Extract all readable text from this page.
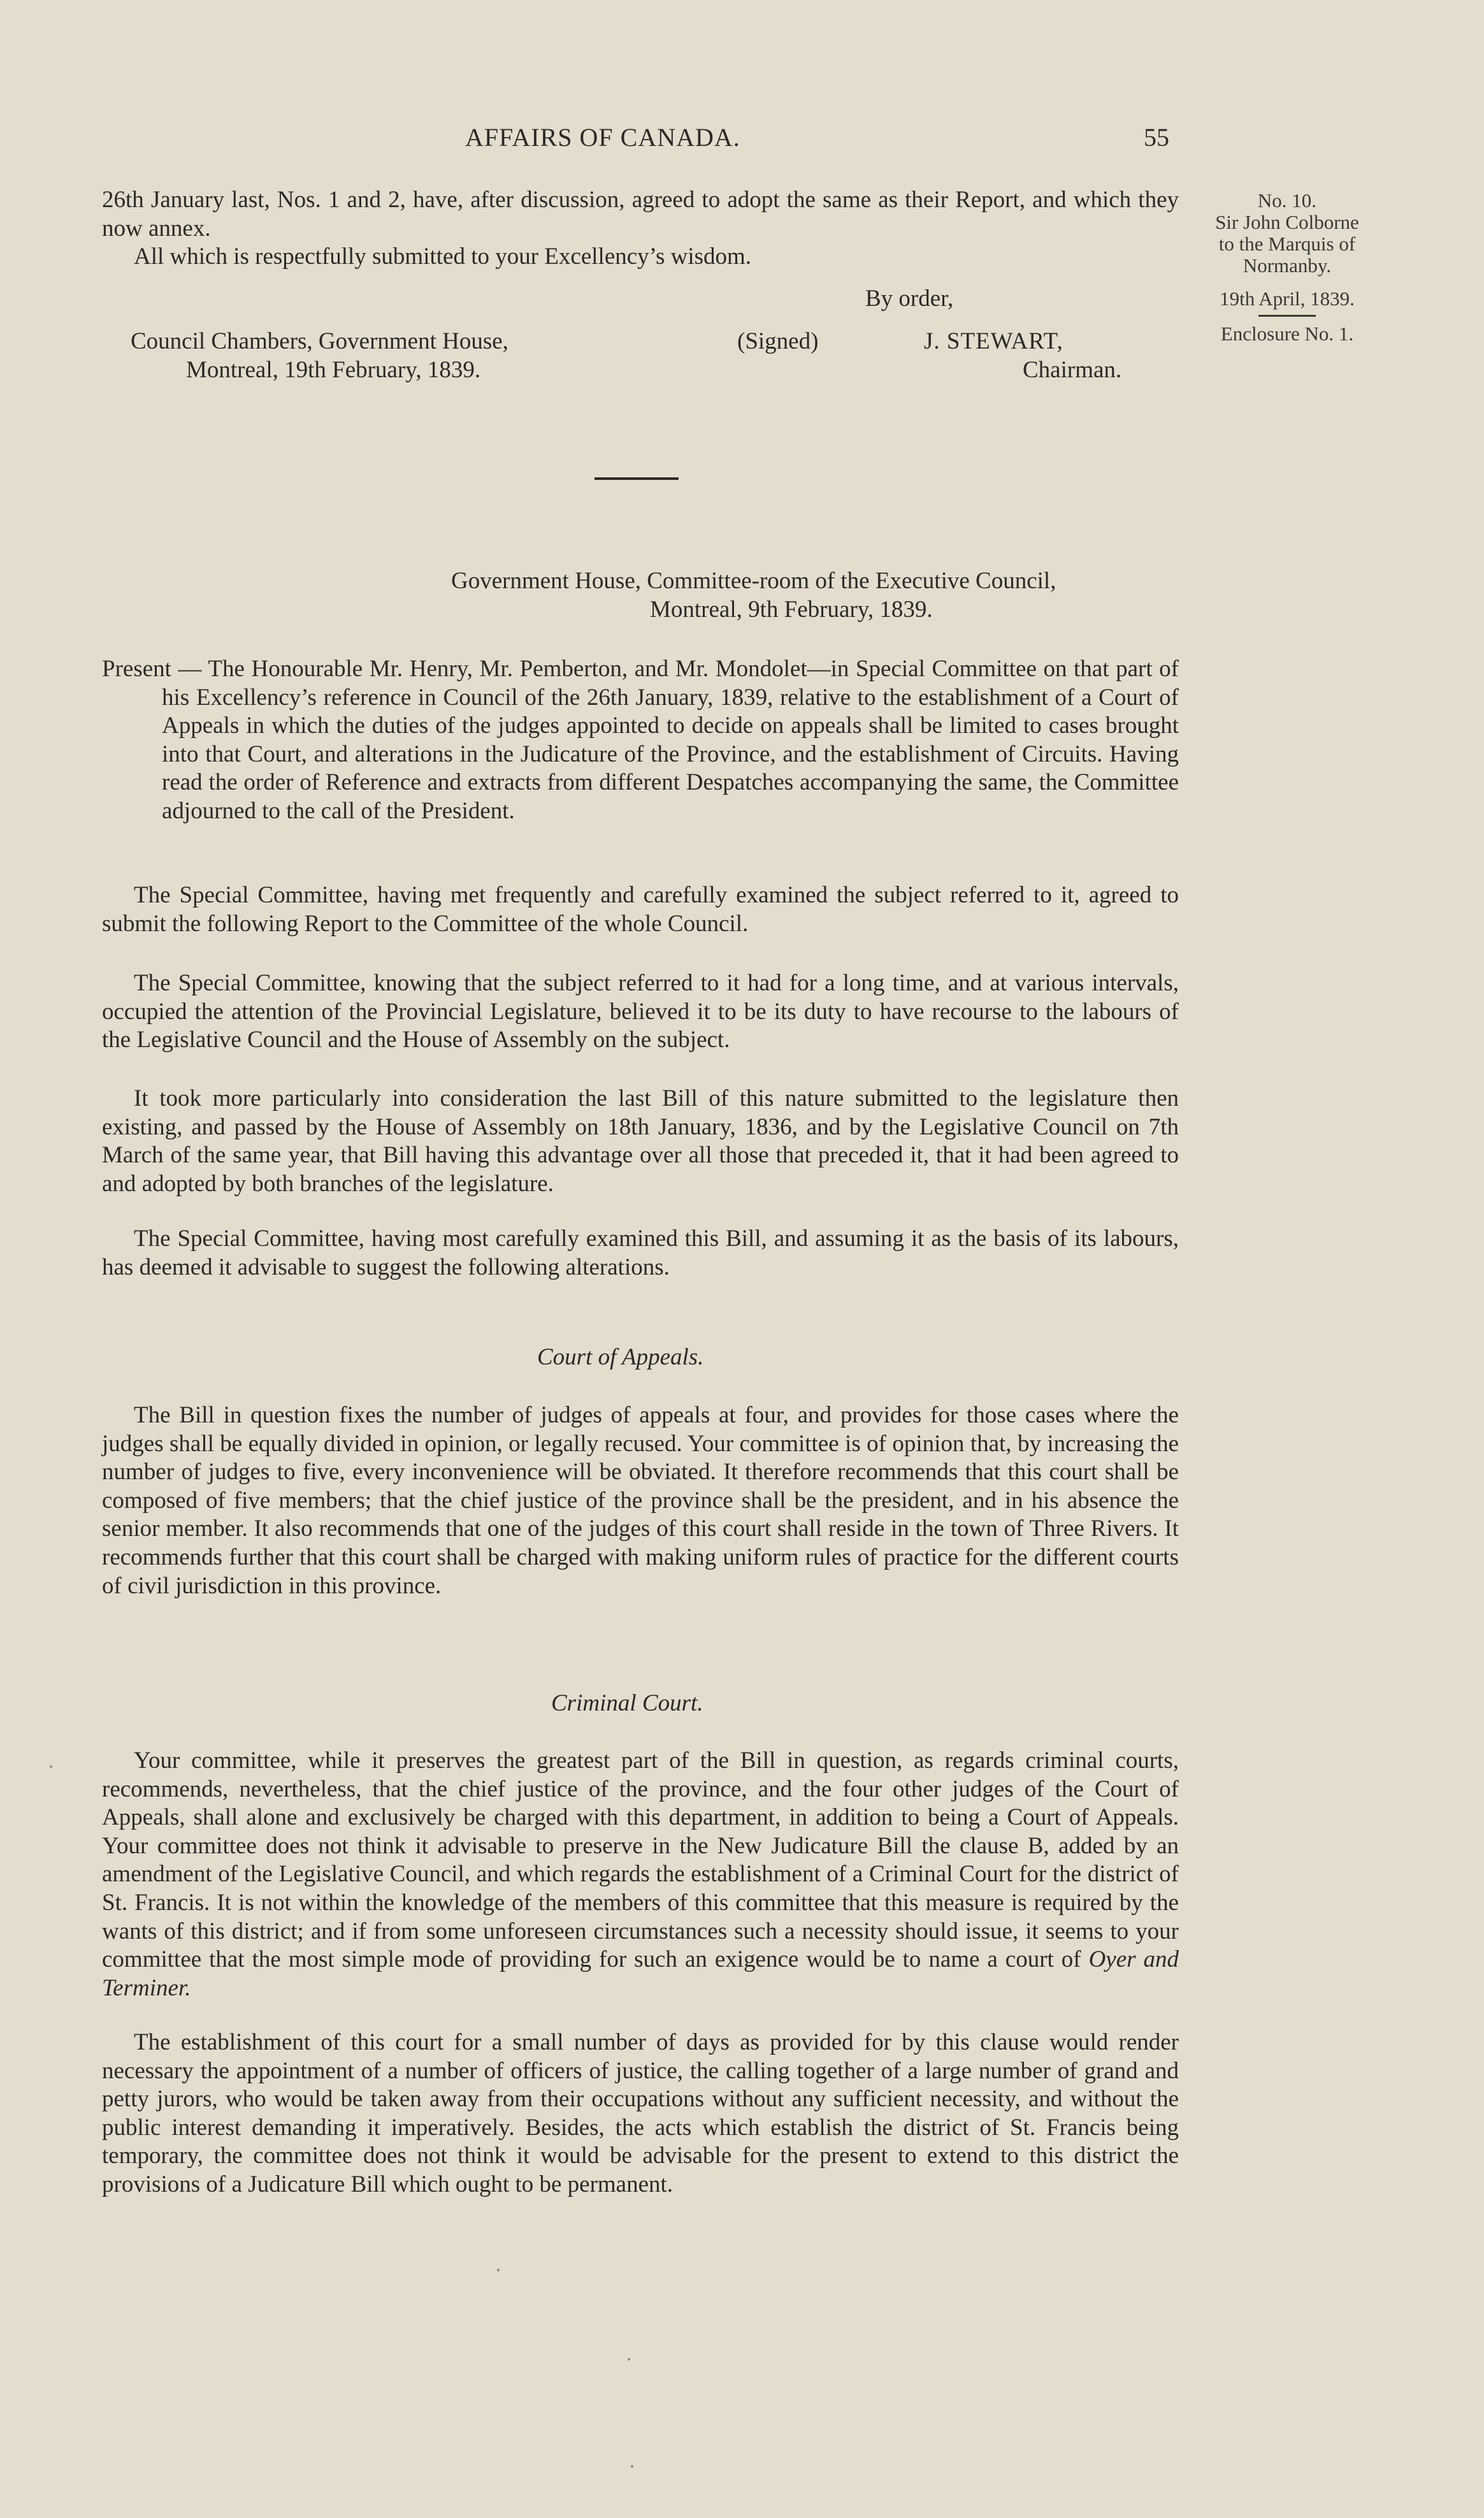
AFFAIRS OF CANADA.	55
No. 10.
Sir John Colborne
to the Marquis of
Normanby.
19th April, 1839.
Enclosure No. 1.

26th January last, Nos. 1 and 2, have, after discussion, agreed to adopt the same as their Report, and which they now annex.

All which is respectfully submitted to your Excellency’s wisdom.

By order,
Council Chambers, Government House,
Montreal, 19th February, 1839.
(Signed)	J. STEWART,
Chairman.
Government House, Committee-room of the Executive Council,
Montreal, 9th February, 1839.

Present — The Honourable Mr. Henry, Mr. Pemberton, and Mr. Mondolet—in Special Committee on that part of his Excellency’s reference in Council of the 26th January, 1839, relative to the establishment of a Court of Appeals in which the duties of the judges appointed to decide on appeals shall be limited to cases brought into that Court, and alterations in the Judicature of the Province, and the establishment of Circuits. Having read the order of Reference and extracts from different Despatches accompanying the same, the Committee adjourned to the call of the President.

The Special Committee, having met frequently and carefully examined the subject referred to it, agreed to submit the following Report to the Committee of the whole Council.

The Special Committee, knowing that the subject referred to it had for a long time, and at various intervals, occupied the attention of the Provincial Legislature, believed it to be its duty to have recourse to the labours of the Legislative Council and the House of Assembly on the subject.

It took more particularly into consideration the last Bill of this nature submitted to the legislature then existing, and passed by the House of Assembly on 18th January, 1836, and by the Legislative Council on 7th March of the same year, that Bill having this advantage over all those that preceded it, that it had been agreed to and adopted by both branches of the legislature.

The Special Committee, having most carefully examined this Bill, and assuming it as the basis of its labours, has deemed it advisable to suggest the following alterations.

Court of Appeals.

The Bill in question fixes the number of judges of appeals at four, and provides for those cases where the judges shall be equally divided in opinion, or legally recused. Your committee is of opinion that, by increasing the number of judges to five, every inconvenience will be obviated. It therefore recommends that this court shall be composed of five members; that the chief justice of the province shall be the president, and in his absence the senior member. It also recommends that one of the judges of this court shall reside in the town of Three Rivers. It recommends further that this court shall be charged with making uniform rules of practice for the different courts of civil jurisdiction in this province.

Criminal Court.

Your committee, while it preserves the greatest part of the Bill in question, as regards criminal courts, recommends, nevertheless, that the chief justice of the province, and the four other judges of the Court of Appeals, shall alone and exclusively be charged with this department, in addition to being a Court of Appeals. Your committee does not think it advisable to preserve in the New Judicature Bill the clause B, added by an amendment of the Legislative Council, and which regards the establishment of a Criminal Court for the district of St. Francis. It is not within the knowledge of the members of this committee that this measure is required by the wants of this district; and if from some unforeseen circumstances such a necessity should issue, it seems to your committee that the most simple mode of providing for such an exigence would be to name a court of Oyer and Terminer.

The establishment of this court for a small number of days as provided for by this clause would render necessary the appointment of a number of officers of justice, the calling together of a large number of grand and petty jurors, who would be taken away from their occupations without any sufficient necessity, and without the public interest demanding it imperatively. Besides, the acts which establish the district of St. Francis being temporary, the committee does not think it would be advisable for the present to extend to this district the provisions of a Judicature Bill which ought to be permanent.
